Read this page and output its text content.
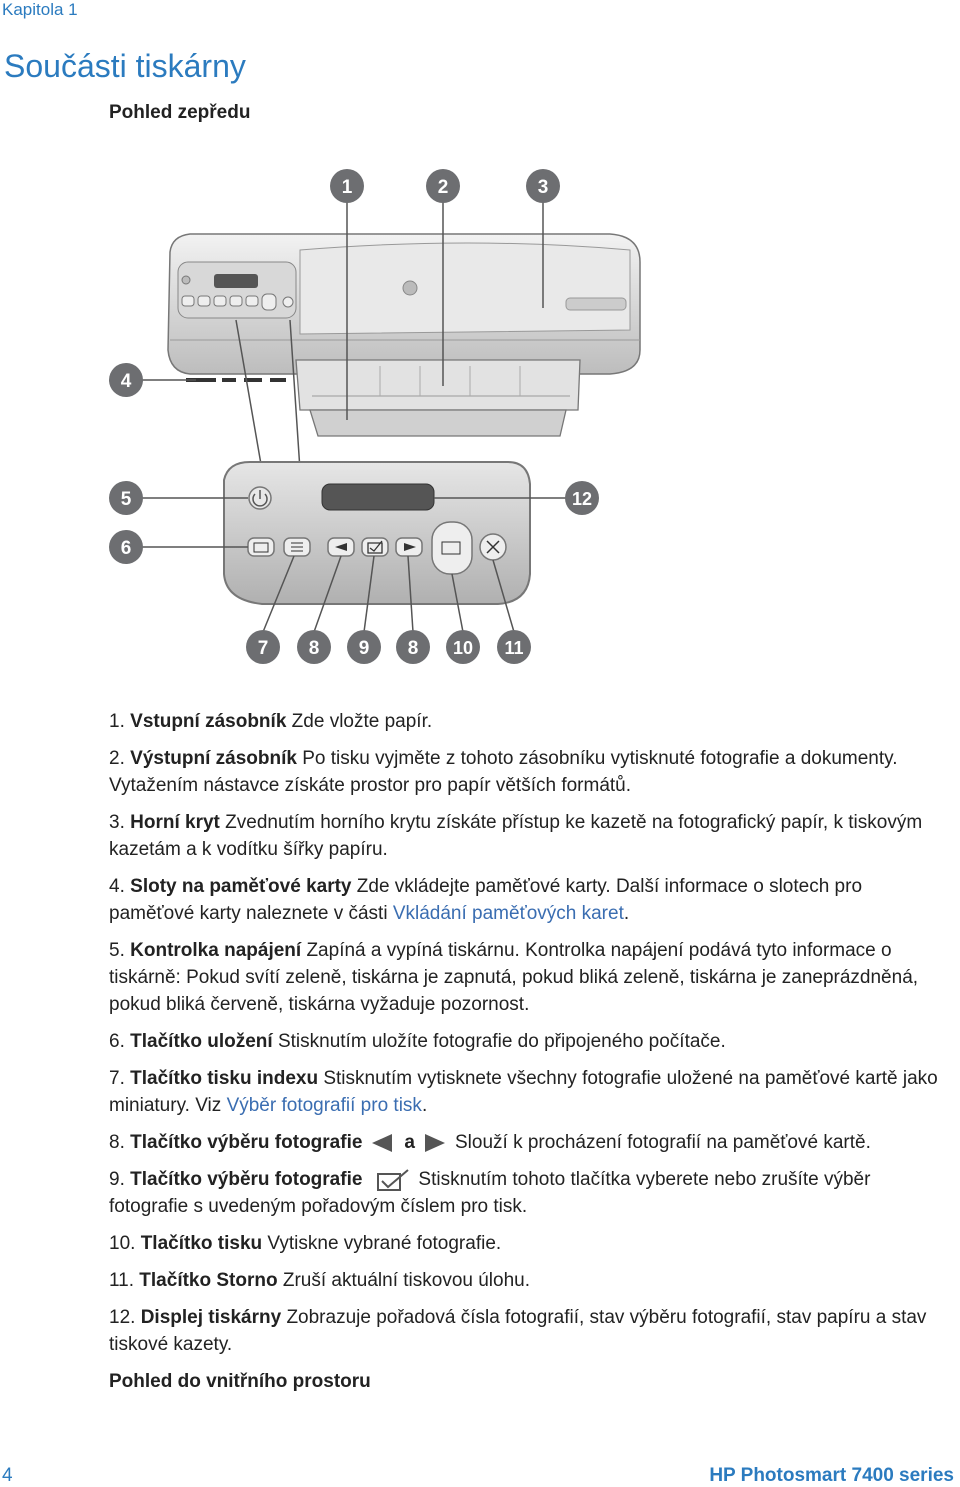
Kapitola 1
Součásti tiskárny
Pohled zepředu
1	2	3
4
5
6
12
7 8 9 8 10 11

1. Vstupní zásobník Zde vložte papír.

2. Výstupní zásobník Po tisku vyjměte z tohoto zásobníku vytisknuté fotografie a dokumenty. Vytažením nástavce získáte prostor pro papír větších formátů.

3. Horní kryt Zvednutím horního krytu získáte přístup ke kazetě na fotografický papír, k tiskovým kazetám a k vodítku šířky papíru.

4. Sloty na paměťové karty Zde vkládejte paměťové karty. Další informace o slotech pro paměťové karty naleznete v části Vkládání paměťových karet.

5. Kontrolka napájení Zapíná a vypíná tiskárnu. Kontrolka napájení podává tyto informace o tiskárně: Pokud svítí zeleně, tiskárna je zapnutá, pokud bliká zeleně, tiskárna je zaneprázdněná, pokud bliká červeně, tiskárna vyžaduje pozornost.

6. Tlačítko uložení Stisknutím uložíte fotografie do připojeného počítače.

7. Tlačítko tisku indexu Stisknutím vytisknete všechny fotografie uložené na paměťové kartě jako miniatury. Viz Výběr fotografií pro tisk.

8. Tlačítko výběru fotografie a Slouží k procházení fotografií na paměťové kartě.

9. Tlačítko výběru fotografie	Stisknutím tohoto tlačítka vyberete nebo zrušíte výběr fotografie s uvedeným pořadovým číslem pro tisk.

10. Tlačítko tisku Vytiskne vybrané fotografie.

11. Tlačítko Storno Zruší aktuální tiskovou úlohu.

12. Displej tiskárny Zobrazuje pořadová čísla fotografií, stav výběru fotografií, stav papíru a stav tiskové kazety.

Pohled do vnitřního prostoru

4	HP Photosmart 7400 series
